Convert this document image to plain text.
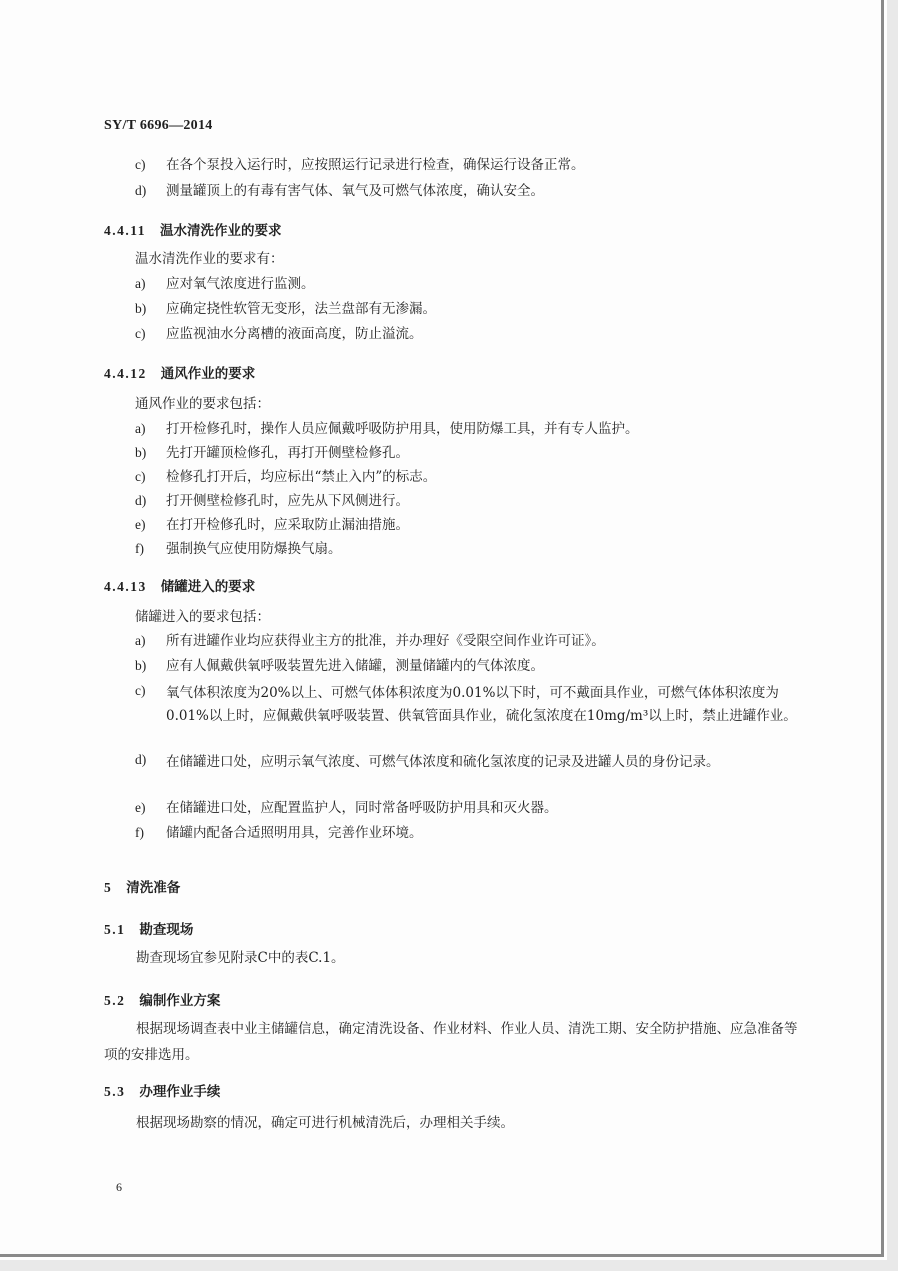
SY/T 6696—2014
c) 在各个泵投入运行时，应按照运行记录进行检查，确保运行设备正常。
d) 测量罐顶上的有毒有害气体、氧气及可燃气体浓度，确认安全。
4.4.11 温水清洗作业的要求
温水清洗作业的要求有：
a) 应对氧气浓度进行监测。
b) 应确定挠性软管无变形，法兰盘部有无渗漏。
c) 应监视油水分离槽的液面高度，防止溢流。
4.4.12 通风作业的要求
通风作业的要求包括：
a) 打开检修孔时，操作人员应佩戴呼吸防护用具，使用防爆工具，并有专人监护。
b) 先打开罐顶检修孔，再打开侧壁检修孔。
c) 检修孔打开后，均应标出“禁止入内”的标志。
d) 打开侧壁检修孔时，应先从下风侧进行。
e) 在打开检修孔时，应采取防止漏油措施。
f) 强制换气应使用防爆换气扇。
4.4.13 储罐进入的要求
储罐进入的要求包括：
a) 所有进罐作业均应获得业主方的批准，并办理好《受限空间作业许可证》。
b) 应有人佩戴供氧呼吸装置先进入储罐，测量储罐内的气体浓度。
c) 氧气体积浓度为20%以上、可燃气体体积浓度为0.01%以下时，可不戴面具作业，可燃气体体积浓度为0.01%以上时，应佩戴供氧呼吸装置、供氧管面具作业，硫化氢浓度在10mg/m³以上时，禁止进罐作业。
d) 在储罐进口处，应明示氧气浓度、可燃气体浓度和硫化氢浓度的记录及进罐人员的身份记录。
e) 在储罐进口处，应配置监护人，同时常备呼吸防护用具和灭火器。
f) 储罐内配备合适照明用具，完善作业环境。
5 清洗准备
5.1 勘查现场
勘查现场宜参见附录C中的表C.1。
5.2 编制作业方案
根据现场调查表中业主储罐信息，确定清洗设备、作业材料、作业人员、清洗工期、安全防护措施、应急准备等项的安排选用。
5.3 办理作业手续
根据现场勘察的情况，确定可进行机械清洗后，办理相关手续。
6
